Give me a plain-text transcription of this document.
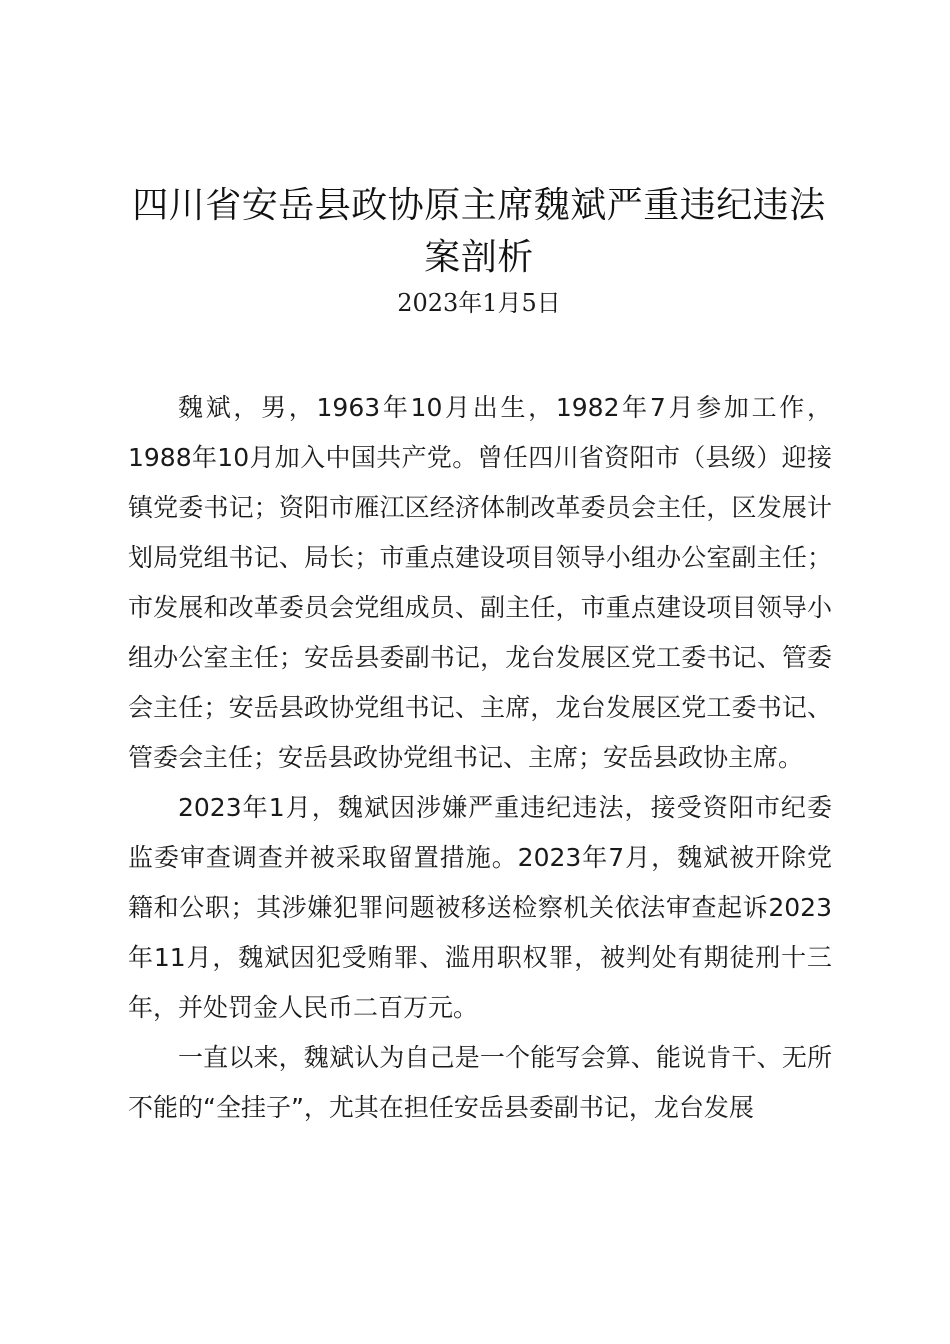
四川省安岳县政协原主席魏斌严重违纪违法案剖析
2023年1月5日

魏斌，男，1963年10月出生，1982年7月参加工作，1988年10月加入中国共产党。曾任四川省资阳市（县级）迎接镇党委书记；资阳市雁江区经济体制改革委员会主任，区发展计划局党组书记、局长；市重点建设项目领导小组办公室副主任；市发展和改革委员会党组成员、副主任，市重点建设项目领导小组办公室主任；安岳县委副书记，龙台发展区党工委书记、管委会主任；安岳县政协党组书记、主席，龙台发展区党工委书记、管委会主任；安岳县政协党组书记、主席；安岳县政协主席。

2023年1月，魏斌因涉嫌严重违纪违法，接受资阳市纪委监委审查调查并被采取留置措施。2023年7月，魏斌被开除党籍和公职；其涉嫌犯罪问题被移送检察机关依法审查起诉2023年11月，魏斌因犯受贿罪、滥用职权罪，被判处有期徒刑十三年，并处罚金人民币二百万元。

一直以来，魏斌认为自己是一个能写会算、能说肯干、无所不能的“全挂子”，尤其在担任安岳县委副书记，龙台发展
